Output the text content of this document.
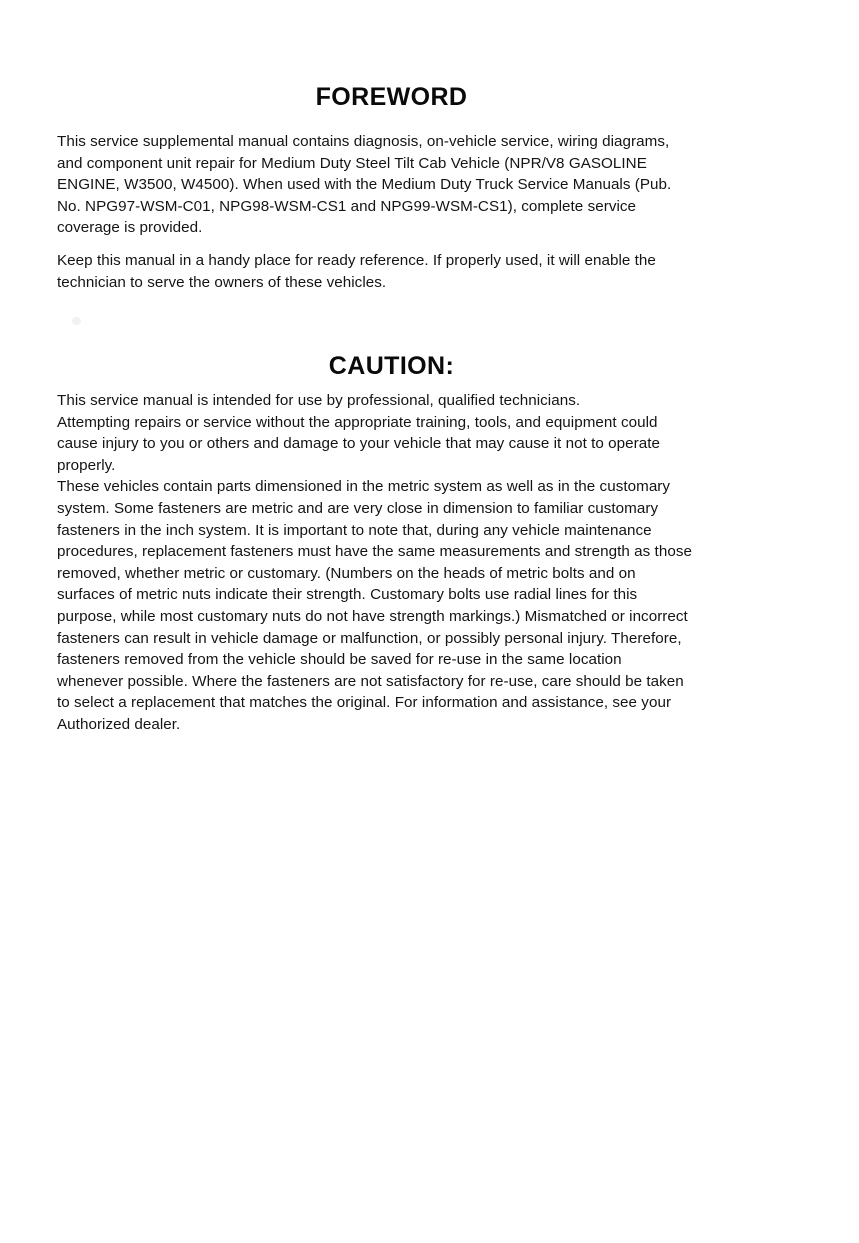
FOREWORD
This service supplemental manual contains diagnosis, on-vehicle service, wiring diagrams,
and component unit repair for Medium Duty Steel Tilt Cab Vehicle (NPR/V8 GASOLINE
ENGINE, W3500, W4500). When used with the Medium Duty Truck Service Manuals (Pub.
No. NPG97-WSM-C01, NPG98-WSM-CS1 and NPG99-WSM-CS1), complete service
coverage is provided.
Keep this manual in a handy place for ready reference. If properly used, it will enable the
technician to serve the owners of these vehicles.
CAUTION:
This service manual is intended for use by professional, qualified technicians.
Attempting repairs or service without the appropriate training, tools, and equipment could
cause injury to you or others and damage to your vehicle that may cause it not to operate
properly.
These vehicles contain parts dimensioned in the metric system as well as in the customary
system. Some fasteners are metric and are very close in dimension to familiar customary
fasteners in the inch system. It is important to note that, during any vehicle maintenance
procedures, replacement fasteners must have the same measurements and strength as those
removed, whether metric or customary. (Numbers on the heads of metric bolts and on
surfaces of metric nuts indicate their strength. Customary bolts use radial lines for this
purpose, while most customary nuts do not have strength markings.) Mismatched or incorrect
fasteners can result in vehicle damage or malfunction, or possibly personal injury. Therefore,
fasteners removed from the vehicle should be saved for re-use in the same location
whenever possible. Where the fasteners are not satisfactory for re-use, care should be taken
to select a replacement that matches the original. For information and assistance, see your
Authorized dealer.
